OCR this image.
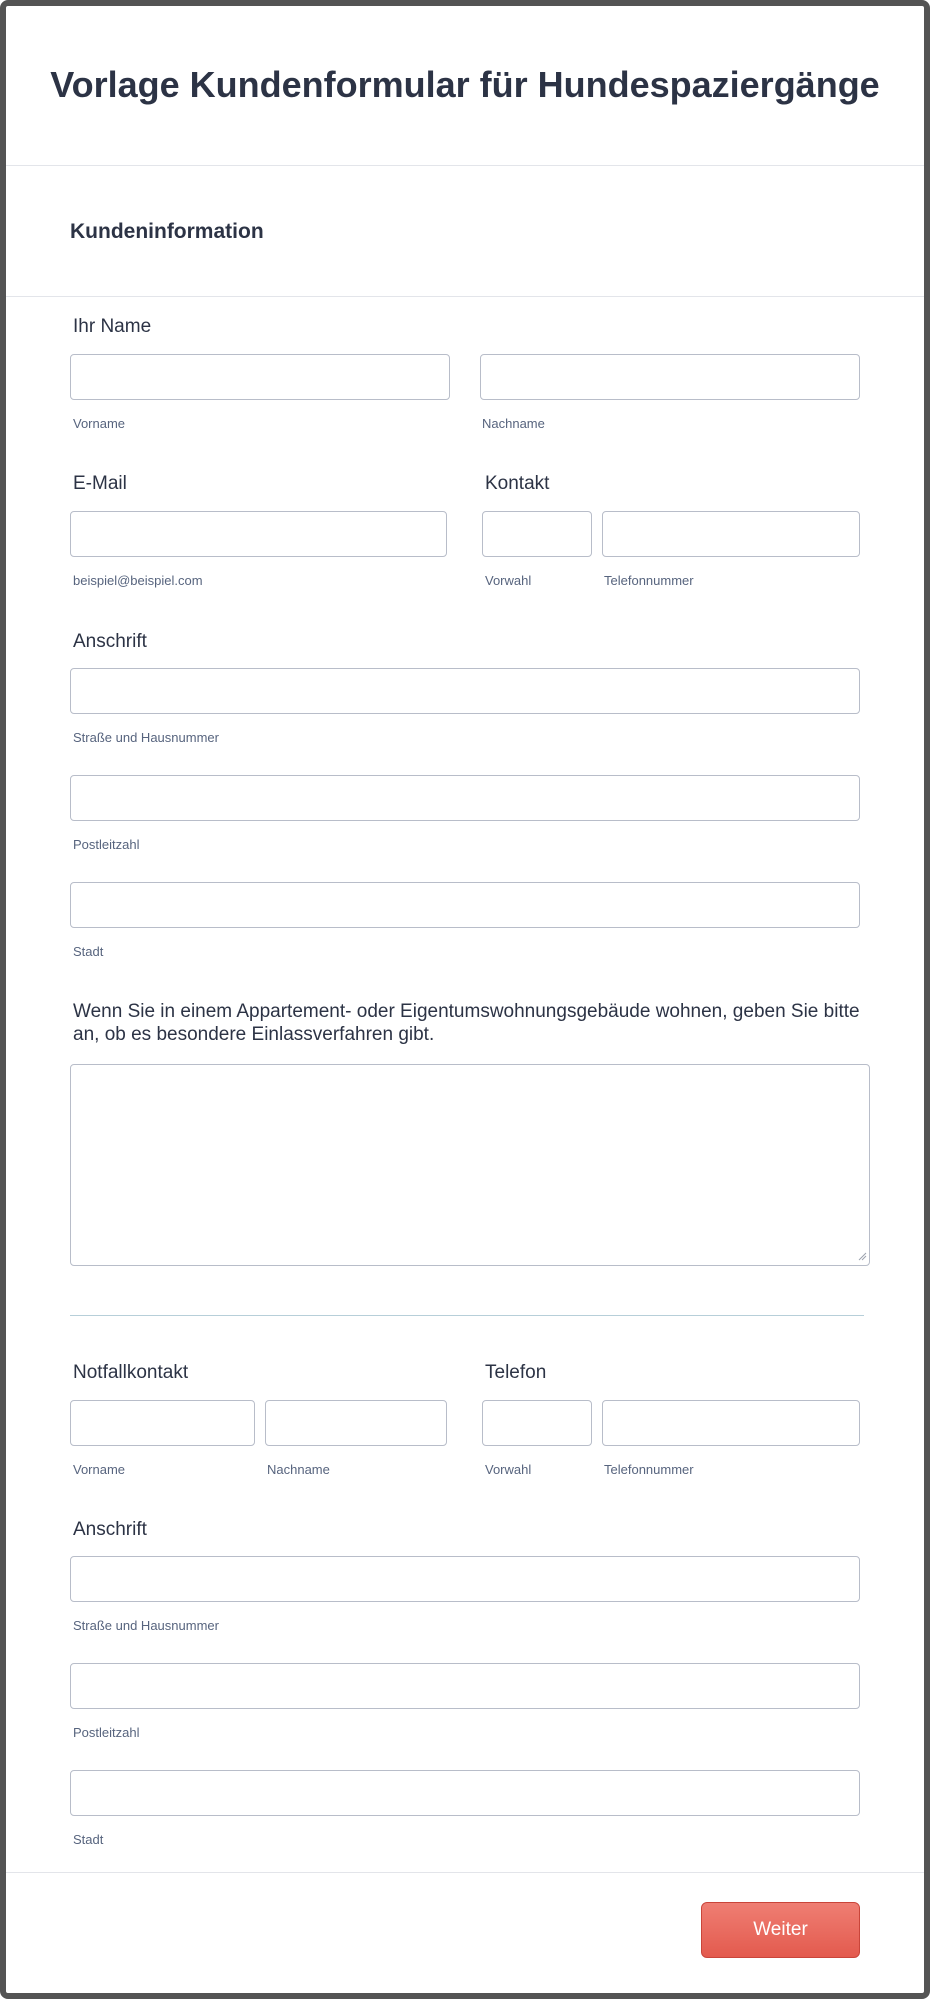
Vorlage Kundenformular für Hundespaziergänge
Kundeninformation
Ihr Name
Vorname	Nachname
E-Mail
beispiel@beispiel.com
Kontakt
Vorwahl	Telefonnummer
Anschrift
Straße und Hausnummer
Postleitzahl
Stadt
Wenn Sie in einem Appartement- oder Eigentumswohnungsgebäude wohnen, geben Sie bitte an, ob es besondere Einlassverfahren gibt.
Notfallkontakt
Vorname	Nachname
Telefon
Vorwahl	Telefonnummer
Anschrift
Straße und Hausnummer
Postleitzahl
Stadt
Weiter
